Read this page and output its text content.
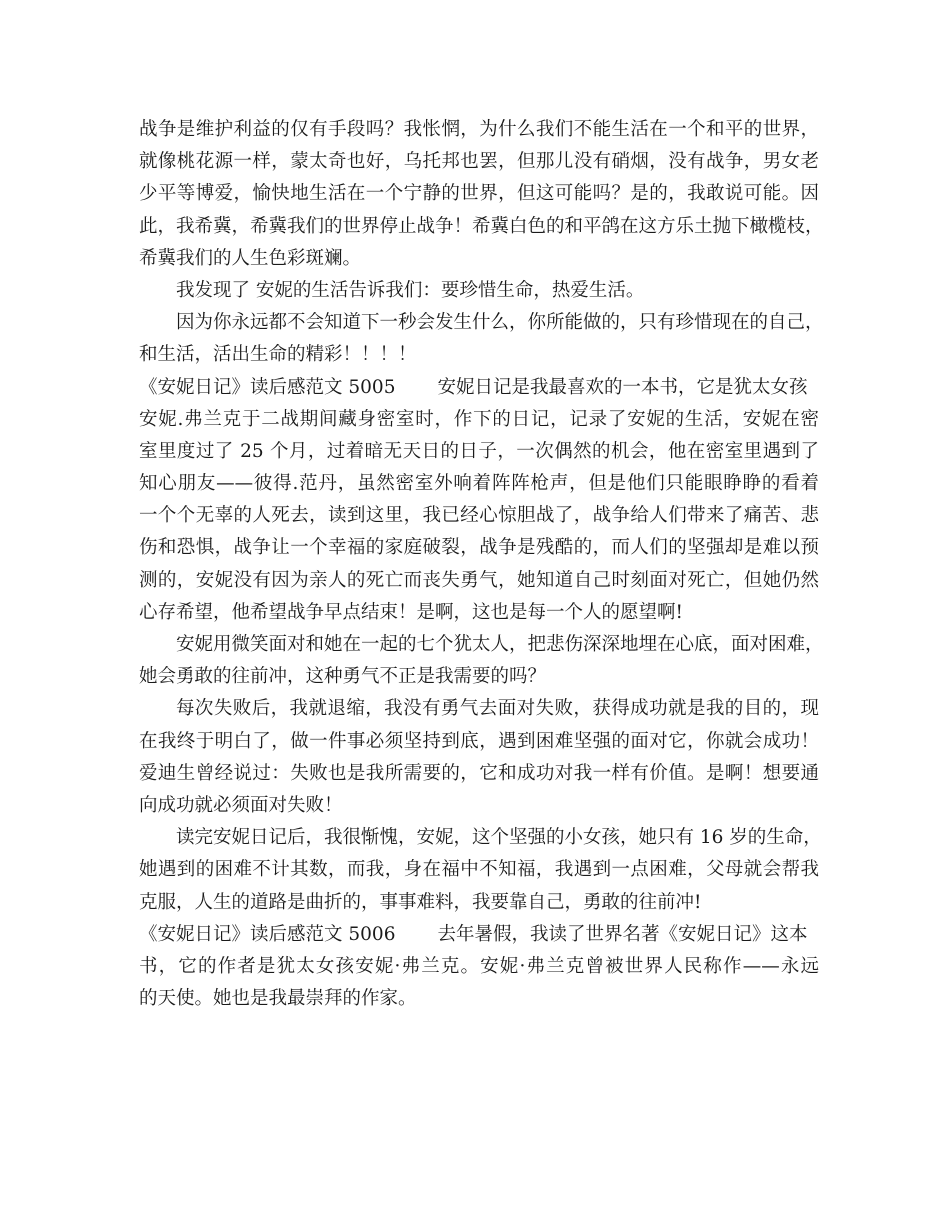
战争是维护利益的仅有手段吗？我怅惘，为什么我们不能生活在一个和平的世界，
就像桃花源一样，蒙太奇也好，乌托邦也罢，但那儿没有硝烟，没有战争，男女老
少平等博爱，愉快地生活在一个宁静的世界，但这可能吗？是的，我敢说可能。因
此，我希冀，希冀我们的世界停止战争！希冀白色的和平鸽在这方乐土抛下橄榄枝，
希冀我们的人生色彩斑斓。
我发现了 安妮的生活告诉我们：要珍惜生命，热爱生活。
因为你永远都不会知道下一秒会发生什么，你所能做的，只有珍惜现在的自己，
和生活，活出生命的精彩！！！！
《安妮日记》读后感范文 5005 安妮日记是我最喜欢的一本书，它是犹太女孩
安妮.弗兰克于二战期间藏身密室时，作下的日记，记录了安妮的生活，安妮在密
室里度过了 25 个月，过着暗无天日的日子，一次偶然的机会，他在密室里遇到了
知心朋友——彼得.范丹，虽然密室外响着阵阵枪声，但是他们只能眼睁睁的看着
一个个无辜的人死去，读到这里，我已经心惊胆战了，战争给人们带来了痛苦、悲
伤和恐惧，战争让一个幸福的家庭破裂，战争是残酷的，而人们的坚强却是难以预
测的，安妮没有因为亲人的死亡而丧失勇气，她知道自己时刻面对死亡，但她仍然
心存希望，他希望战争早点结束！是啊，这也是每一个人的愿望啊!
安妮用微笑面对和她在一起的七个犹太人，把悲伤深深地埋在心底，面对困难，
她会勇敢的往前冲，这种勇气不正是我需要的吗？
每次失败后，我就退缩，我没有勇气去面对失败，获得成功就是我的目的，现
在我终于明白了，做一件事必须坚持到底，遇到困难坚强的面对它，你就会成功！
爱迪生曾经说过：失败也是我所需要的，它和成功对我一样有价值。是啊！想要通
向成功就必须面对失败！
读完安妮日记后，我很惭愧，安妮，这个坚强的小女孩，她只有 16 岁的生命，
她遇到的困难不计其数，而我，身在福中不知福，我遇到一点困难，父母就会帮我
克服，人生的道路是曲折的，事事难料，我要靠自己，勇敢的往前冲!
《安妮日记》读后感范文 5006 去年暑假，我读了世界名著《安妮日记》这本
书，它的作者是犹太女孩安妮·弗兰克。安妮·弗兰克曾被世界人民称作——永远
的天使。她也是我最崇拜的作家。
